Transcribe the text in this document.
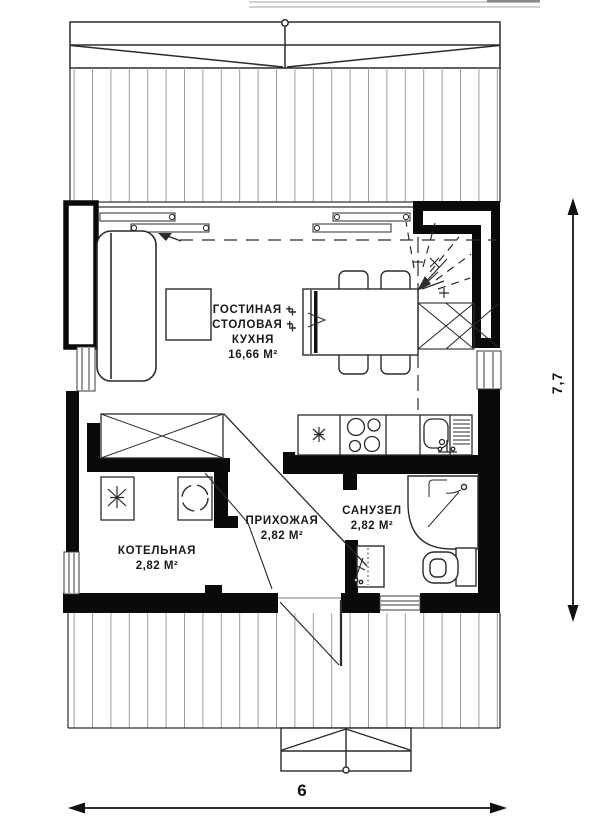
ГОСТИНАЯ +
СТОЛОВАЯ +
КУХНЯ
16,66 М²
ПРИХОЖАЯ
2,82 М²
САНУЗЕЛ
2,82 М²
КОТЕЛЬНАЯ
2,82 М²
7,7
6
